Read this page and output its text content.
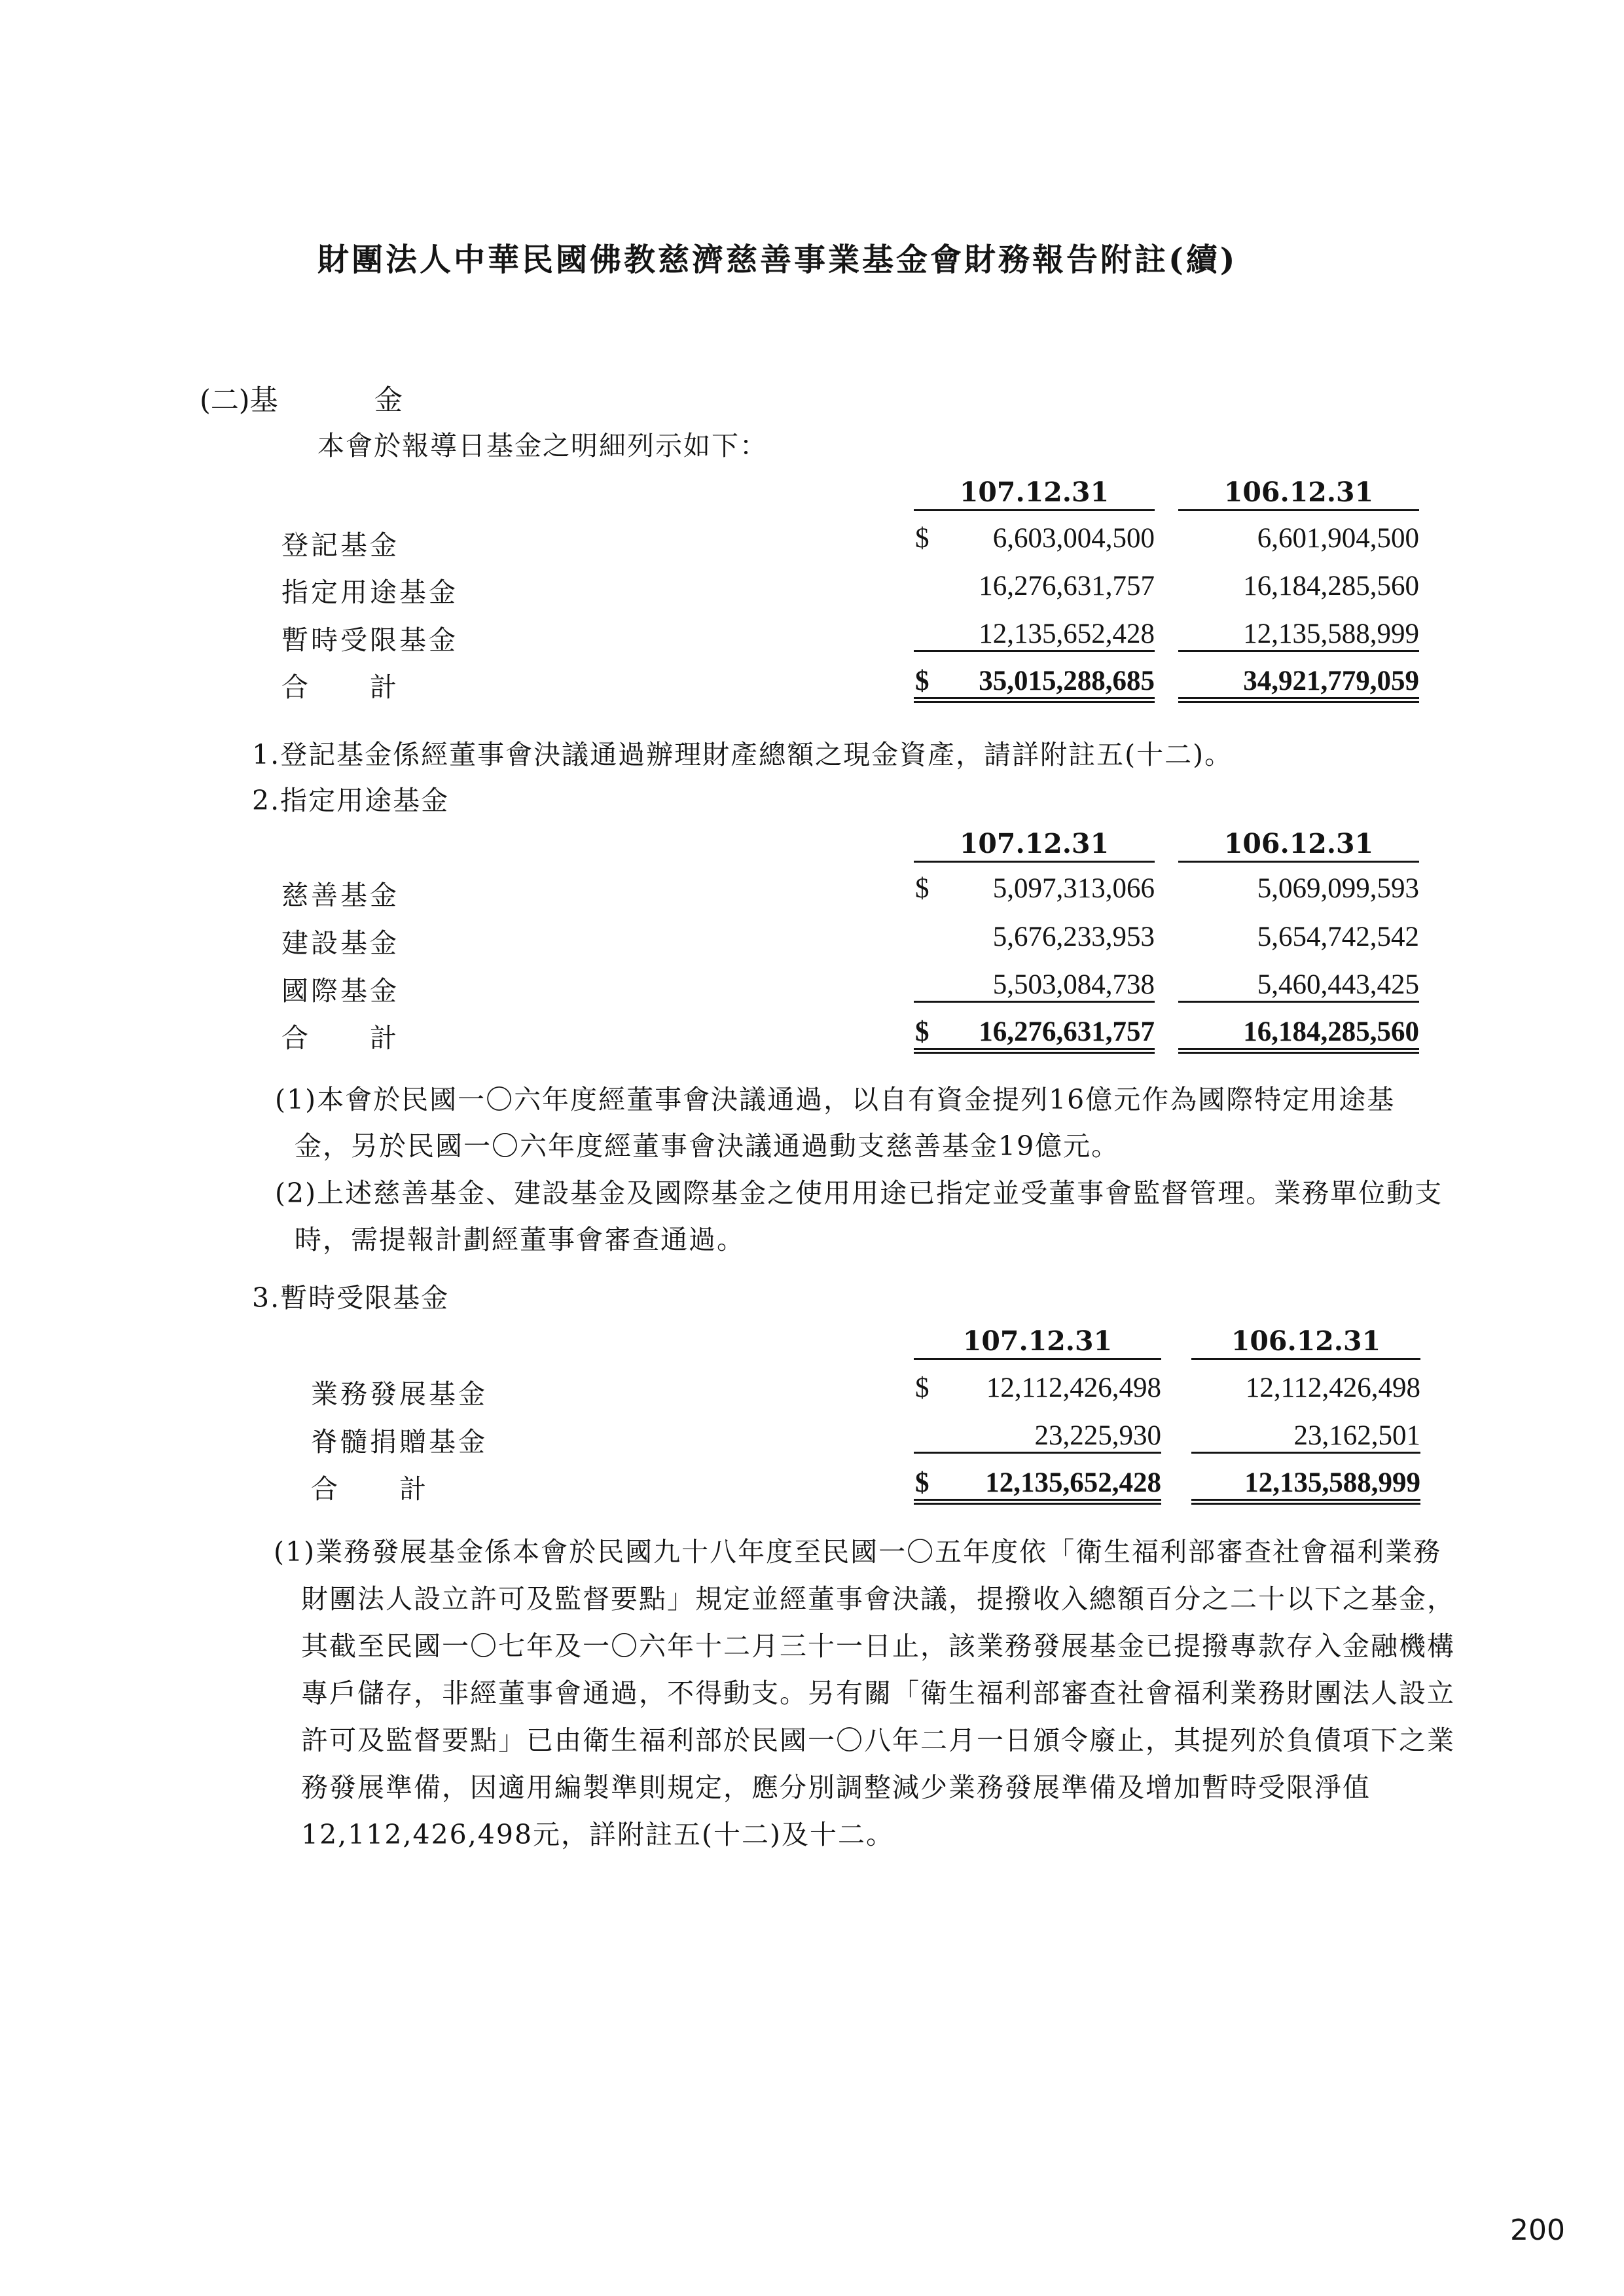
財團法人中華民國佛教慈濟慈善事業基金會財務報告附註(續)
(二)基	金
本會於報導日基金之明細列示如下：
107.12.31	106.12.31
登記基金	$	6,603,004,500	6,601,904,500
指定用途基金	16,276,631,757	16,184,285,560
暫時受限基金	12,135,652,428	12,135,588,999
合　　計	$	35,015,288,685	34,921,779,059
1.登記基金係經董事會決議通過辦理財產總額之現金資產，請詳附註五(十二)。
2.指定用途基金
107.12.31	106.12.31
慈善基金	$	5,097,313,066	5,069,099,593
建設基金	5,676,233,953	5,654,742,542
國際基金	5,503,084,738	5,460,443,425
合　　計	$	16,276,631,757	16,184,285,560
(1)本會於民國一〇六年度經董事會決議通過，以自有資金提列16億元作為國際特定用途基金，另於民國一〇六年度經董事會決議通過動支慈善基金19億元。
(2)上述慈善基金、建設基金及國際基金之使用用途已指定並受董事會監督管理。業務單位動支時，需提報計劃經董事會審查通過。
3.暫時受限基金
107.12.31	106.12.31
業務發展基金	$	12,112,426,498	12,112,426,498
脊髓捐贈基金	23,225,930	23,162,501
合　　計	$	12,135,652,428	12,135,588,999
(1)業務發展基金係本會於民國九十八年度至民國一〇五年度依「衛生福利部審查社會福利業務財團法人設立許可及監督要點」規定並經董事會決議，提撥收入總額百分之二十以下之基金，其截至民國一〇七年及一〇六年十二月三十一日止，該業務發展基金已提撥專款存入金融機構專戶儲存，非經董事會通過，不得動支。另有關「衛生福利部審查社會福利業務財團法人設立許可及監督要點」已由衛生福利部於民國一〇八年二月一日頒令廢止，其提列於負債項下之業務發展準備，因適用編製準則規定，應分別調整減少業務發展準備及增加暫時受限淨值12,112,426,498元，詳附註五(十二)及十二。
200
